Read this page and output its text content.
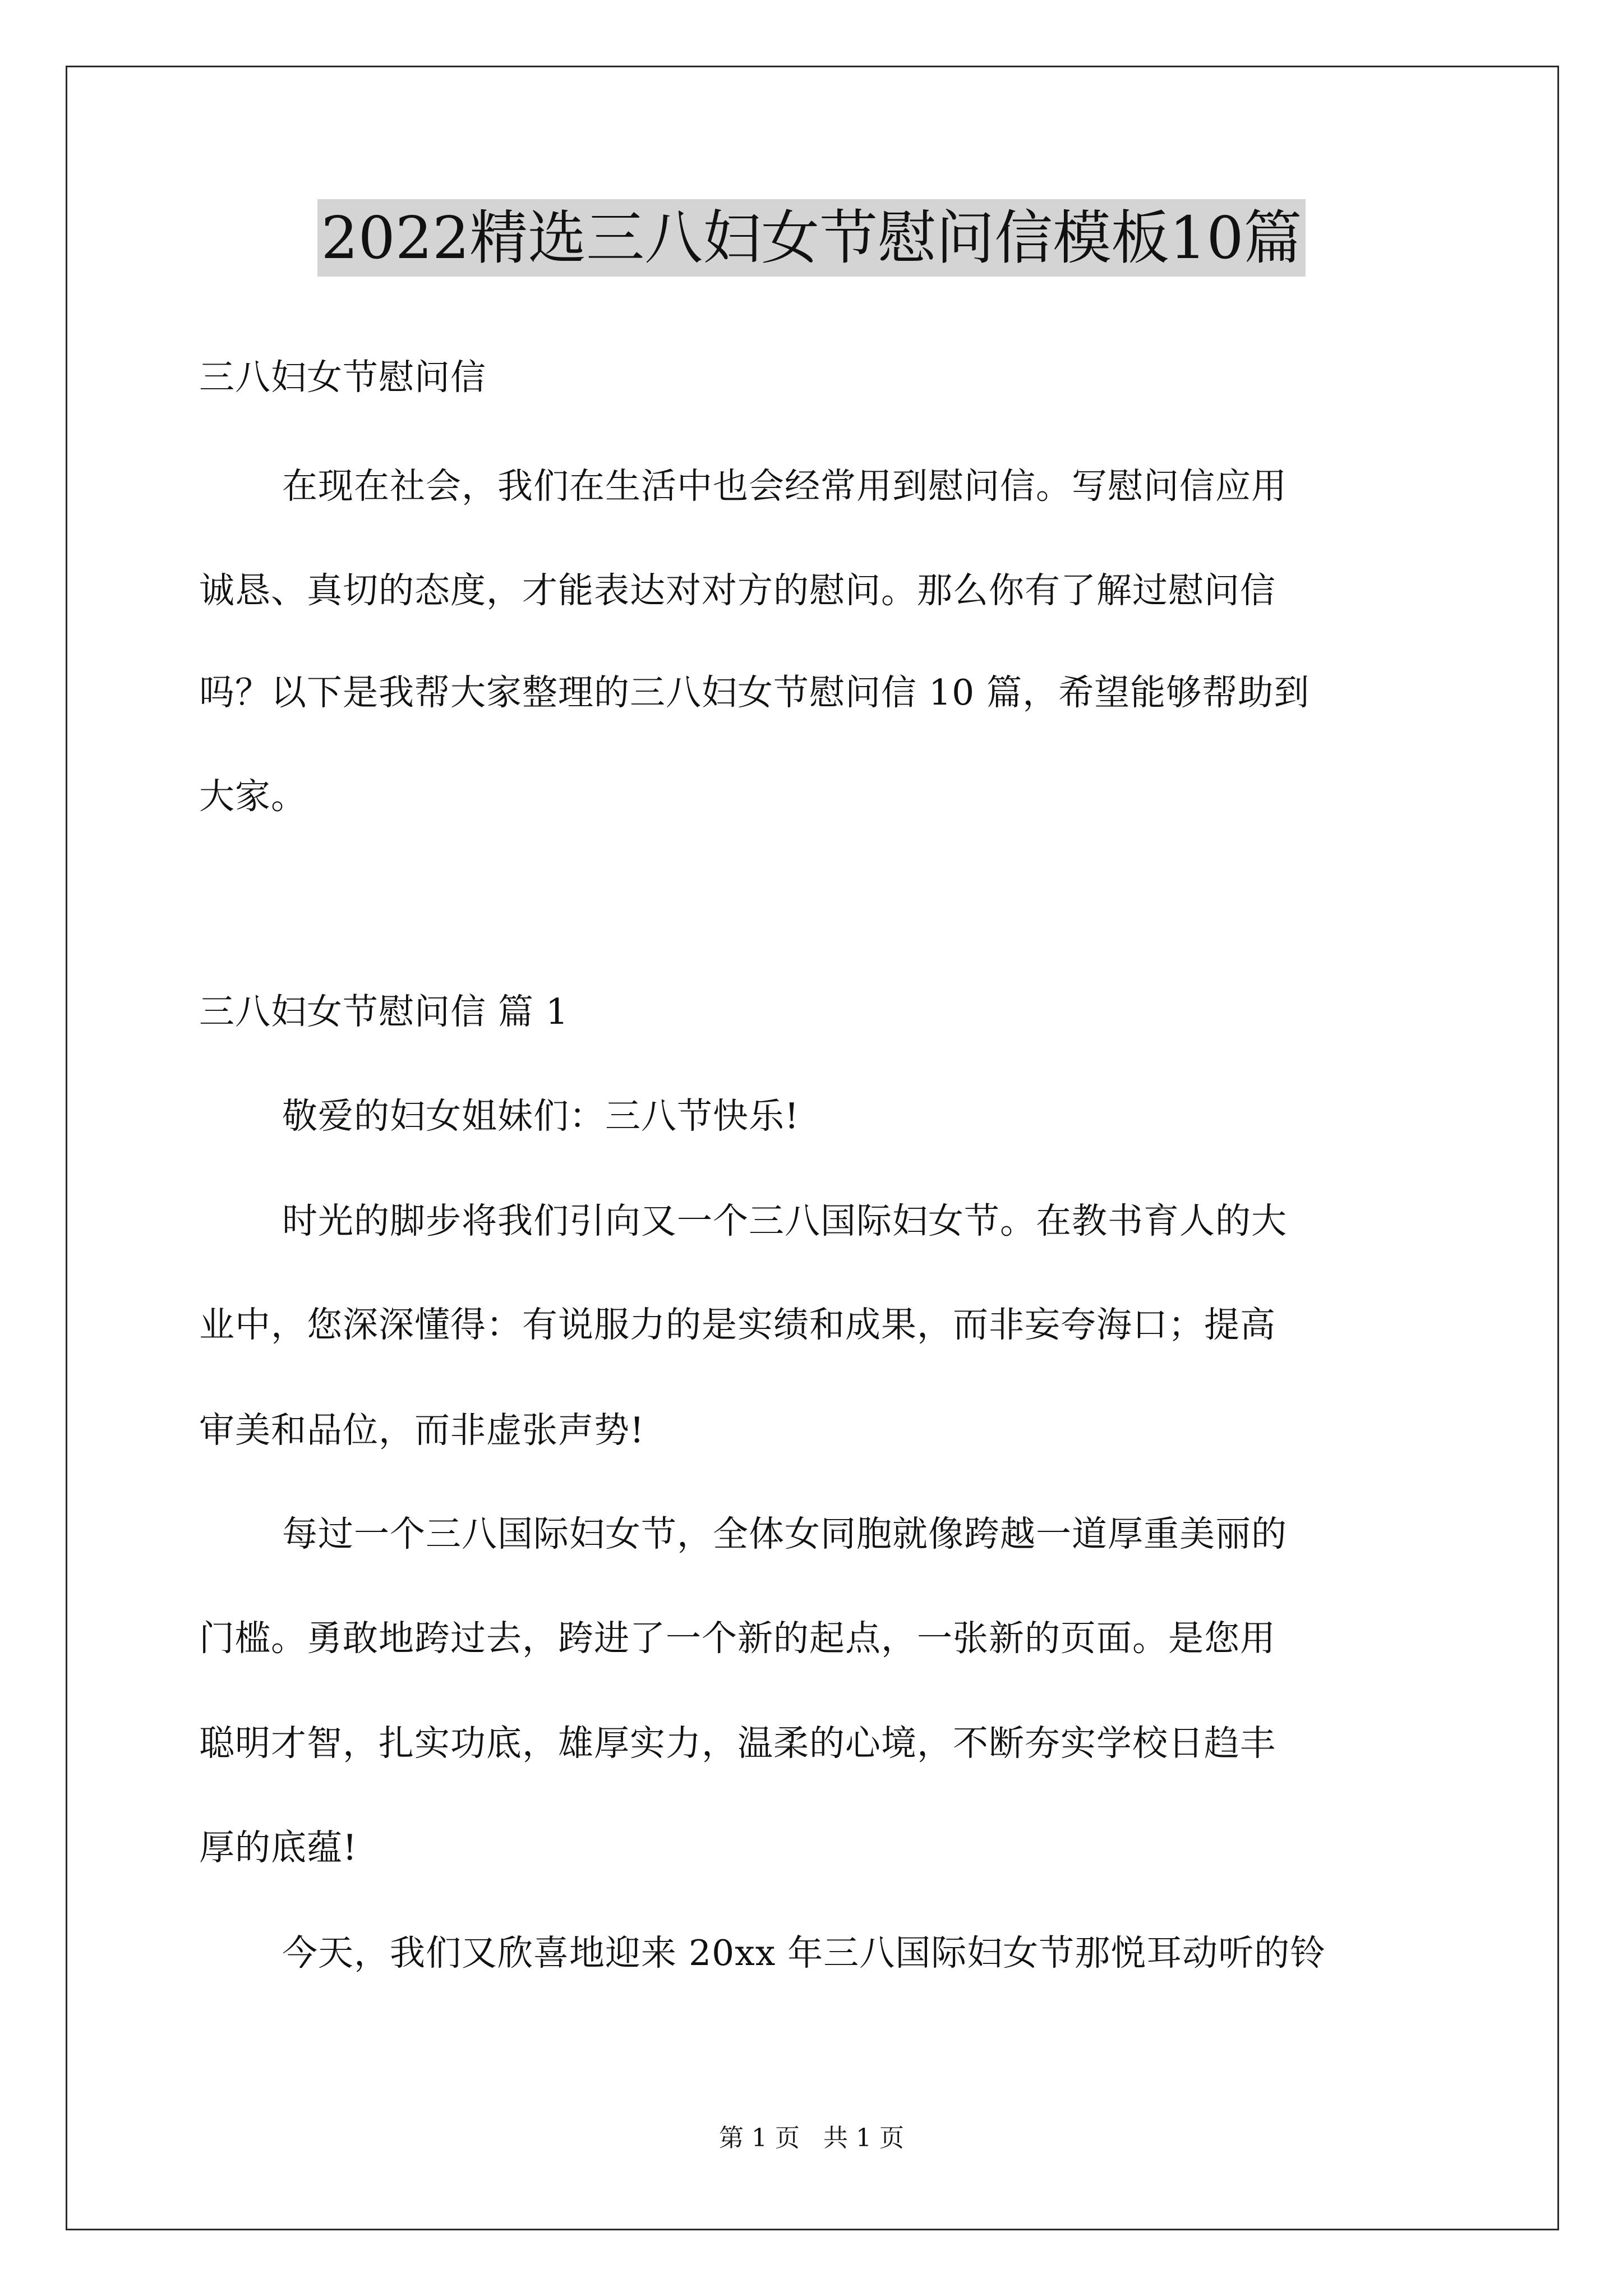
2022精选三八妇女节慰问信模板10篇
三八妇女节慰问信
在现在社会，我们在生活中也会经常用到慰问信。写慰问信应用
诚恳、真切的态度，才能表达对对方的慰问。那么你有了解过慰问信
吗？以下是我帮大家整理的三八妇女节慰问信 10 篇，希望能够帮助到
大家。
三八妇女节慰问信 篇 1
敬爱的妇女姐妹们：三八节快乐!
时光的脚步将我们引向又一个三八国际妇女节。在教书育人的大
业中，您深深懂得：有说服力的是实绩和成果，而非妄夸海口；提高
审美和品位，而非虚张声势!
每过一个三八国际妇女节，全体女同胞就像跨越一道厚重美丽的
门槛。勇敢地跨过去，跨进了一个新的起点，一张新的页面。是您用
聪明才智，扎实功底，雄厚实力，温柔的心境，不断夯实学校日趋丰
厚的底蕴!
今天，我们又欣喜地迎来 20xx 年三八国际妇女节那悦耳动听的铃
第 1 页   共 1 页
